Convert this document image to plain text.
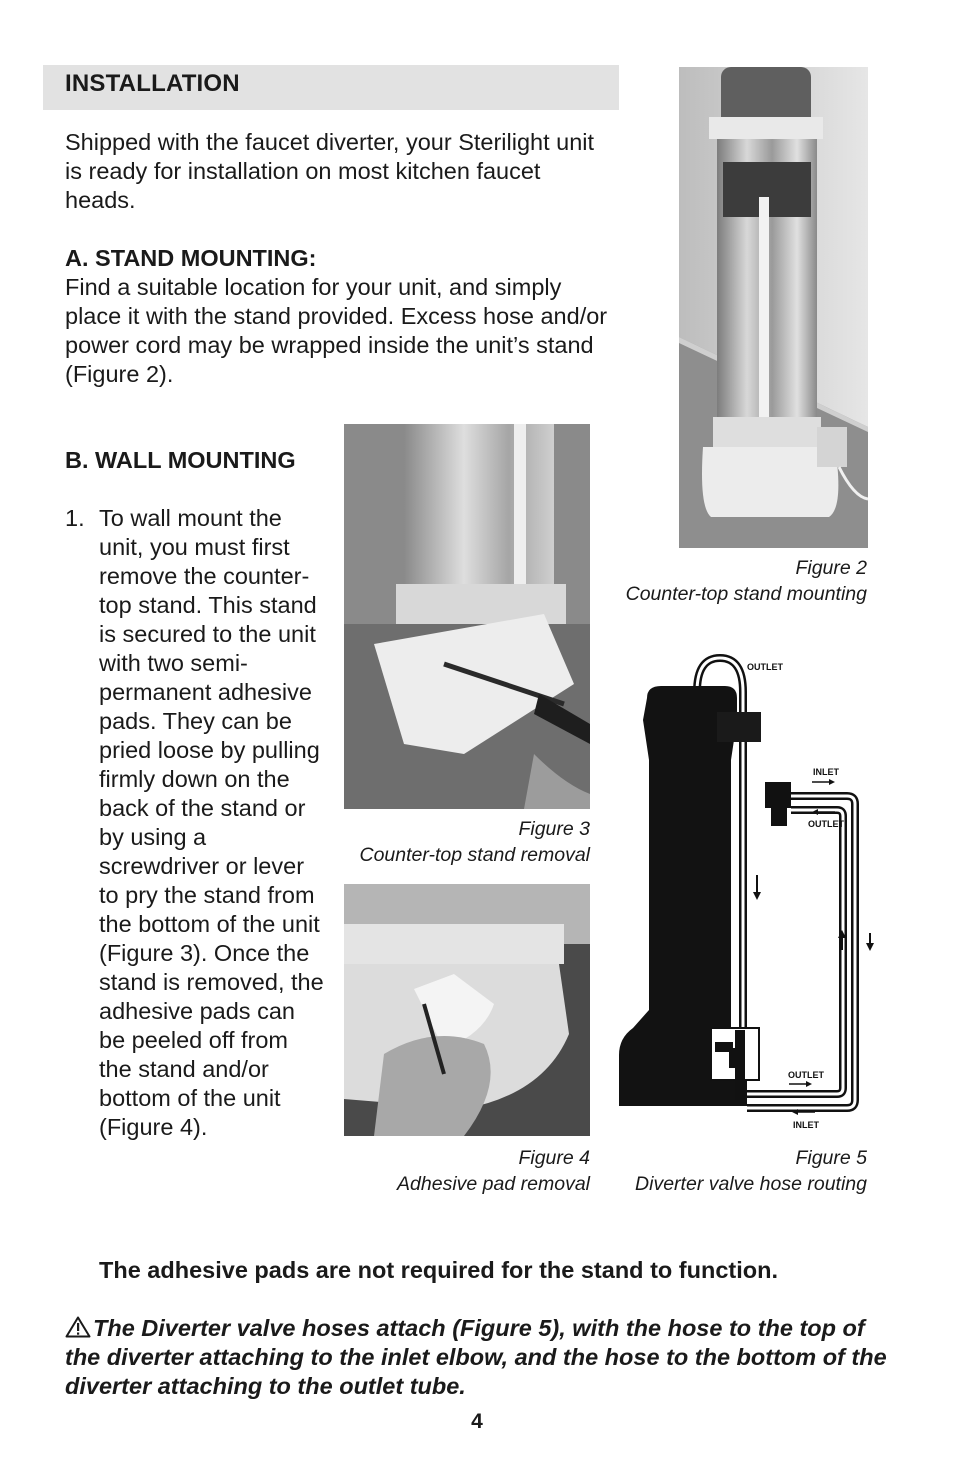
INSTALLATION
Shipped with the faucet diverter, your Sterilight unit is ready for installation on most kitchen faucet heads.
A. STAND MOUNTING:
Find a suitable location for your unit, and simply place it with the stand provided. Excess hose and/or power cord may be wrapped inside the unit’s stand (Figure 2).
B. WALL MOUNTING
1. To wall mount the unit, you must first remove the counter-top stand. This stand is secured to the unit with two semi-permanent adhesive pads. They can be pried loose by pulling firmly down on the back of the stand or by using a screwdriver or lever to pry the stand from the bottom of the unit (Figure 3). Once the stand is removed, the adhesive pads can be peeled off from the stand and/or bottom of the unit (Figure 4).
The adhesive pads are not required for the stand to function.
The Diverter valve hoses attach (Figure 5), with the hose to the top of the diverter attaching to the inlet elbow, and the hose to the bottom of the diverter attaching to the outlet tube.
4
Figure 2
Counter-top stand mounting
Figure 3
Counter-top stand removal
Figure 4
Adhesive pad removal
OUTLET
INLET
OUTLET
OUTLET
INLET
Figure 5
Diverter valve hose routing
